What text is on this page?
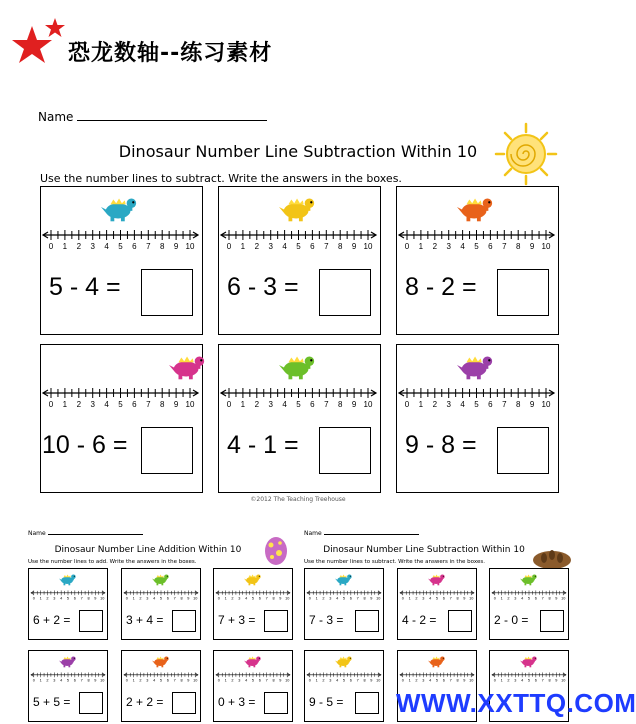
恐龙数轴--练习素材
Name
Dinosaur Number Line Subtraction Within 10
Use the number lines to subtract. Write the answers in the boxes.
0 1 2 3 4 5 6 7 8 9 10
5 - 4 =
0 1 2 3 4 5 6 7 8 9 10
6 - 3 =
0 1 2 3 4 5 6 7 8 9 10
8 - 2 =
0 1 2 3 4 5 6 7 8 9 10
10 - 6 =
0 1 2 3 4 5 6 7 8 9 10
4 - 1 =
0 1 2 3 4 5 6 7 8 9 10
9 - 8 =
©2012 The Teaching Treehouse
Name
Dinosaur Number Line Addition Within 10
Use the number lines to add. Write the answers in the boxes.
0 1 2 3 4 5 6 7 8 9 10
6 + 2 =
0 1 2 3 4 5 6 7 8 9 10
3 + 4 =
0 1 2 3 4 5 6 7 8 9 10
7 + 3 =
0 1 2 3 4 5 6 7 8 9 10
5 + 5 =
0 1 2 3 4 5 6 7 8 9 10
2 + 2 =
0 1 2 3 4 5 6 7 8 9 10
0 + 3 =
Name
Dinosaur Number Line Subtraction Within 10
Use the number lines to subtract. Write the answers in the boxes.
0 1 2 3 4 5 6 7 8 9 10
7 - 3 =
0 1 2 3 4 5 6 7 8 9 10
4 - 2 =
0 1 2 3 4 5 6 7 8 9 10
2 - 0 =
0 1 2 3 4 5 6 7 8 9 10
9 - 5 =
0 1 2 3 4 5 6 7 8 9 10	0 1 2 3 4 5 6 7 8 9 10
WWW.XXTTQ.COM
